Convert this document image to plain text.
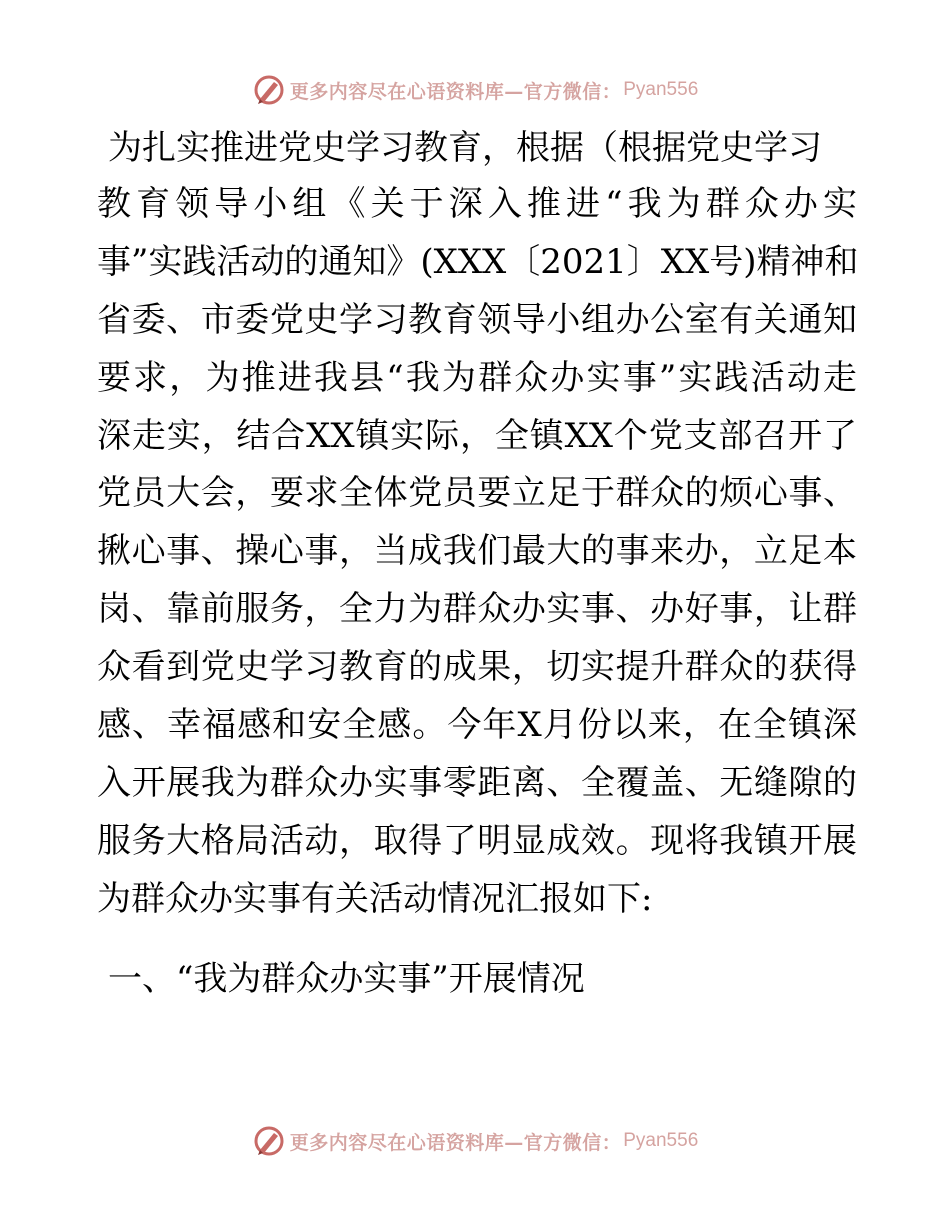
更多内容尽在心语资料库—官方微信： Pyan556
为扎实推进党史学习教育，根据（根据党史学习
教育领导小组《关于深入推进“我为群众办实
事”实践活动的通知》(XXX〔2021〕XX号)精神和
省委、市委党史学习教育领导小组办公室有关通知
要求，为推进我县“我为群众办实事”实践活动走
深走实，结合XX镇实际，全镇XX个党支部召开了
党员大会，要求全体党员要立足于群众的烦心事、
揪心事、操心事，当成我们最大的事来办，立足本
岗、靠前服务，全力为群众办实事、办好事，让群
众看到党史学习教育的成果，切实提升群众的获得
感、幸福感和安全感。今年X月份以来，在全镇深
入开展我为群众办实事零距离、全覆盖、无缝隙的
服务大格局活动，取得了明显成效。现将我镇开展
为群众办实事有关活动情况汇报如下:
一、“我为群众办实事”开展情况
更多内容尽在心语资料库—官方微信： Pyan556
